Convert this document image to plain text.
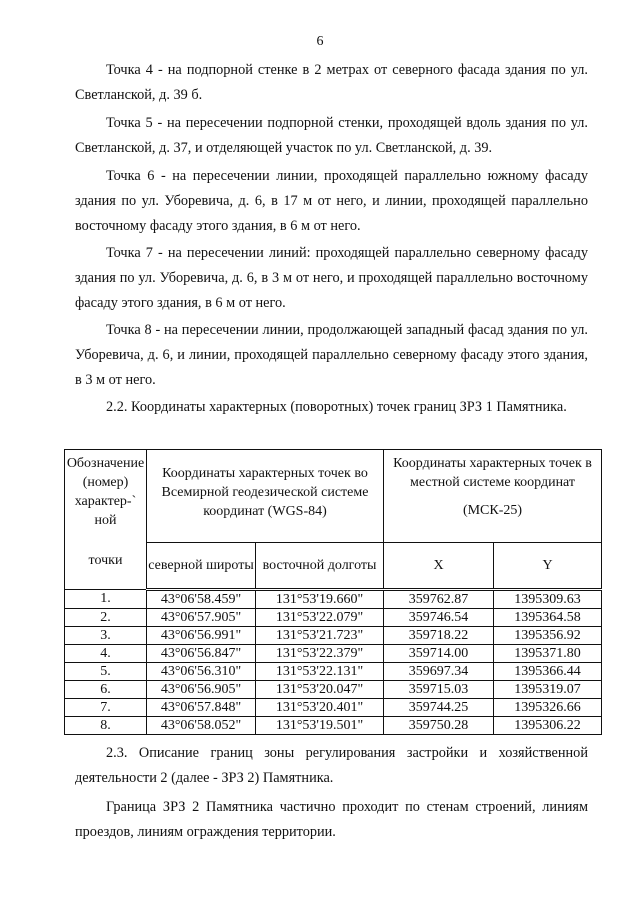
6

Точка 4 - на подпорной стенке в 2 метрах от северного фасада здания по ул. Светланской, д. 39 б.

Точка 5 - на пересечении подпорной стенки, проходящей вдоль здания по ул. Светланской, д. 37, и отделяющей участок по ул. Светланской, д. 39.

Точка 6 - на пересечении линии, проходящей параллельно южному фасаду здания по ул. Уборевича, д. 6, в 17 м от него, и линии, проходящей параллельно восточному фасаду этого здания, в 6 м от него.

Точка 7 - на пересечении линий: проходящей параллельно северному фасаду здания по ул. Уборевича, д. 6, в 3 м от него, и проходящей параллельно восточному фасаду этого здания, в 6 м от него.

Точка 8 - на пересечении линии, продолжающей западный фасад здания по ул. Уборевича, д. 6, и линии, проходящей параллельно северному фасаду этого здания, в 3 м от него.

2.2. Координаты характерных (поворотных) точек границ ЗРЗ 1 Памятника.

Обозначение (номер) характер-` ной
точки	Координаты характерных точек во Всемирной геодезической системе координат (WGS-84)		Координаты характерных точек в местной системе координат
(МСК-25)	

	северной широты	восточной долготы	X	Y
1.	43°06'58.459"	131°53'19.660"	359762.87	1395309.63
2.	43°06'57.905"	131°53'22.079"	359746.54	1395364.58
3.	43°06'56.991"	131°53'21.723"	359718.22	1395356.92
4.	43°06'56.847"	131°53'22.379"	359714.00	1395371.80
5.	43°06'56.310"	131°53'22.131"	359697.34	1395366.44
6.	43°06'56.905"	131°53'20.047"	359715.03	1395319.07
7.	43°06'57.848"	131°53'20.401"	359744.25	1395326.66
8.	43°06'58.052"	131°53'19.501"	359750.28	1395306.22

2.3. Описание границ зоны регулирования застройки и хозяйственной деятельности 2 (далее - ЗРЗ 2) Памятника.

Граница ЗРЗ 2 Памятника частично проходит по стенам строений, линиям проездов, линиям ограждения территории.
